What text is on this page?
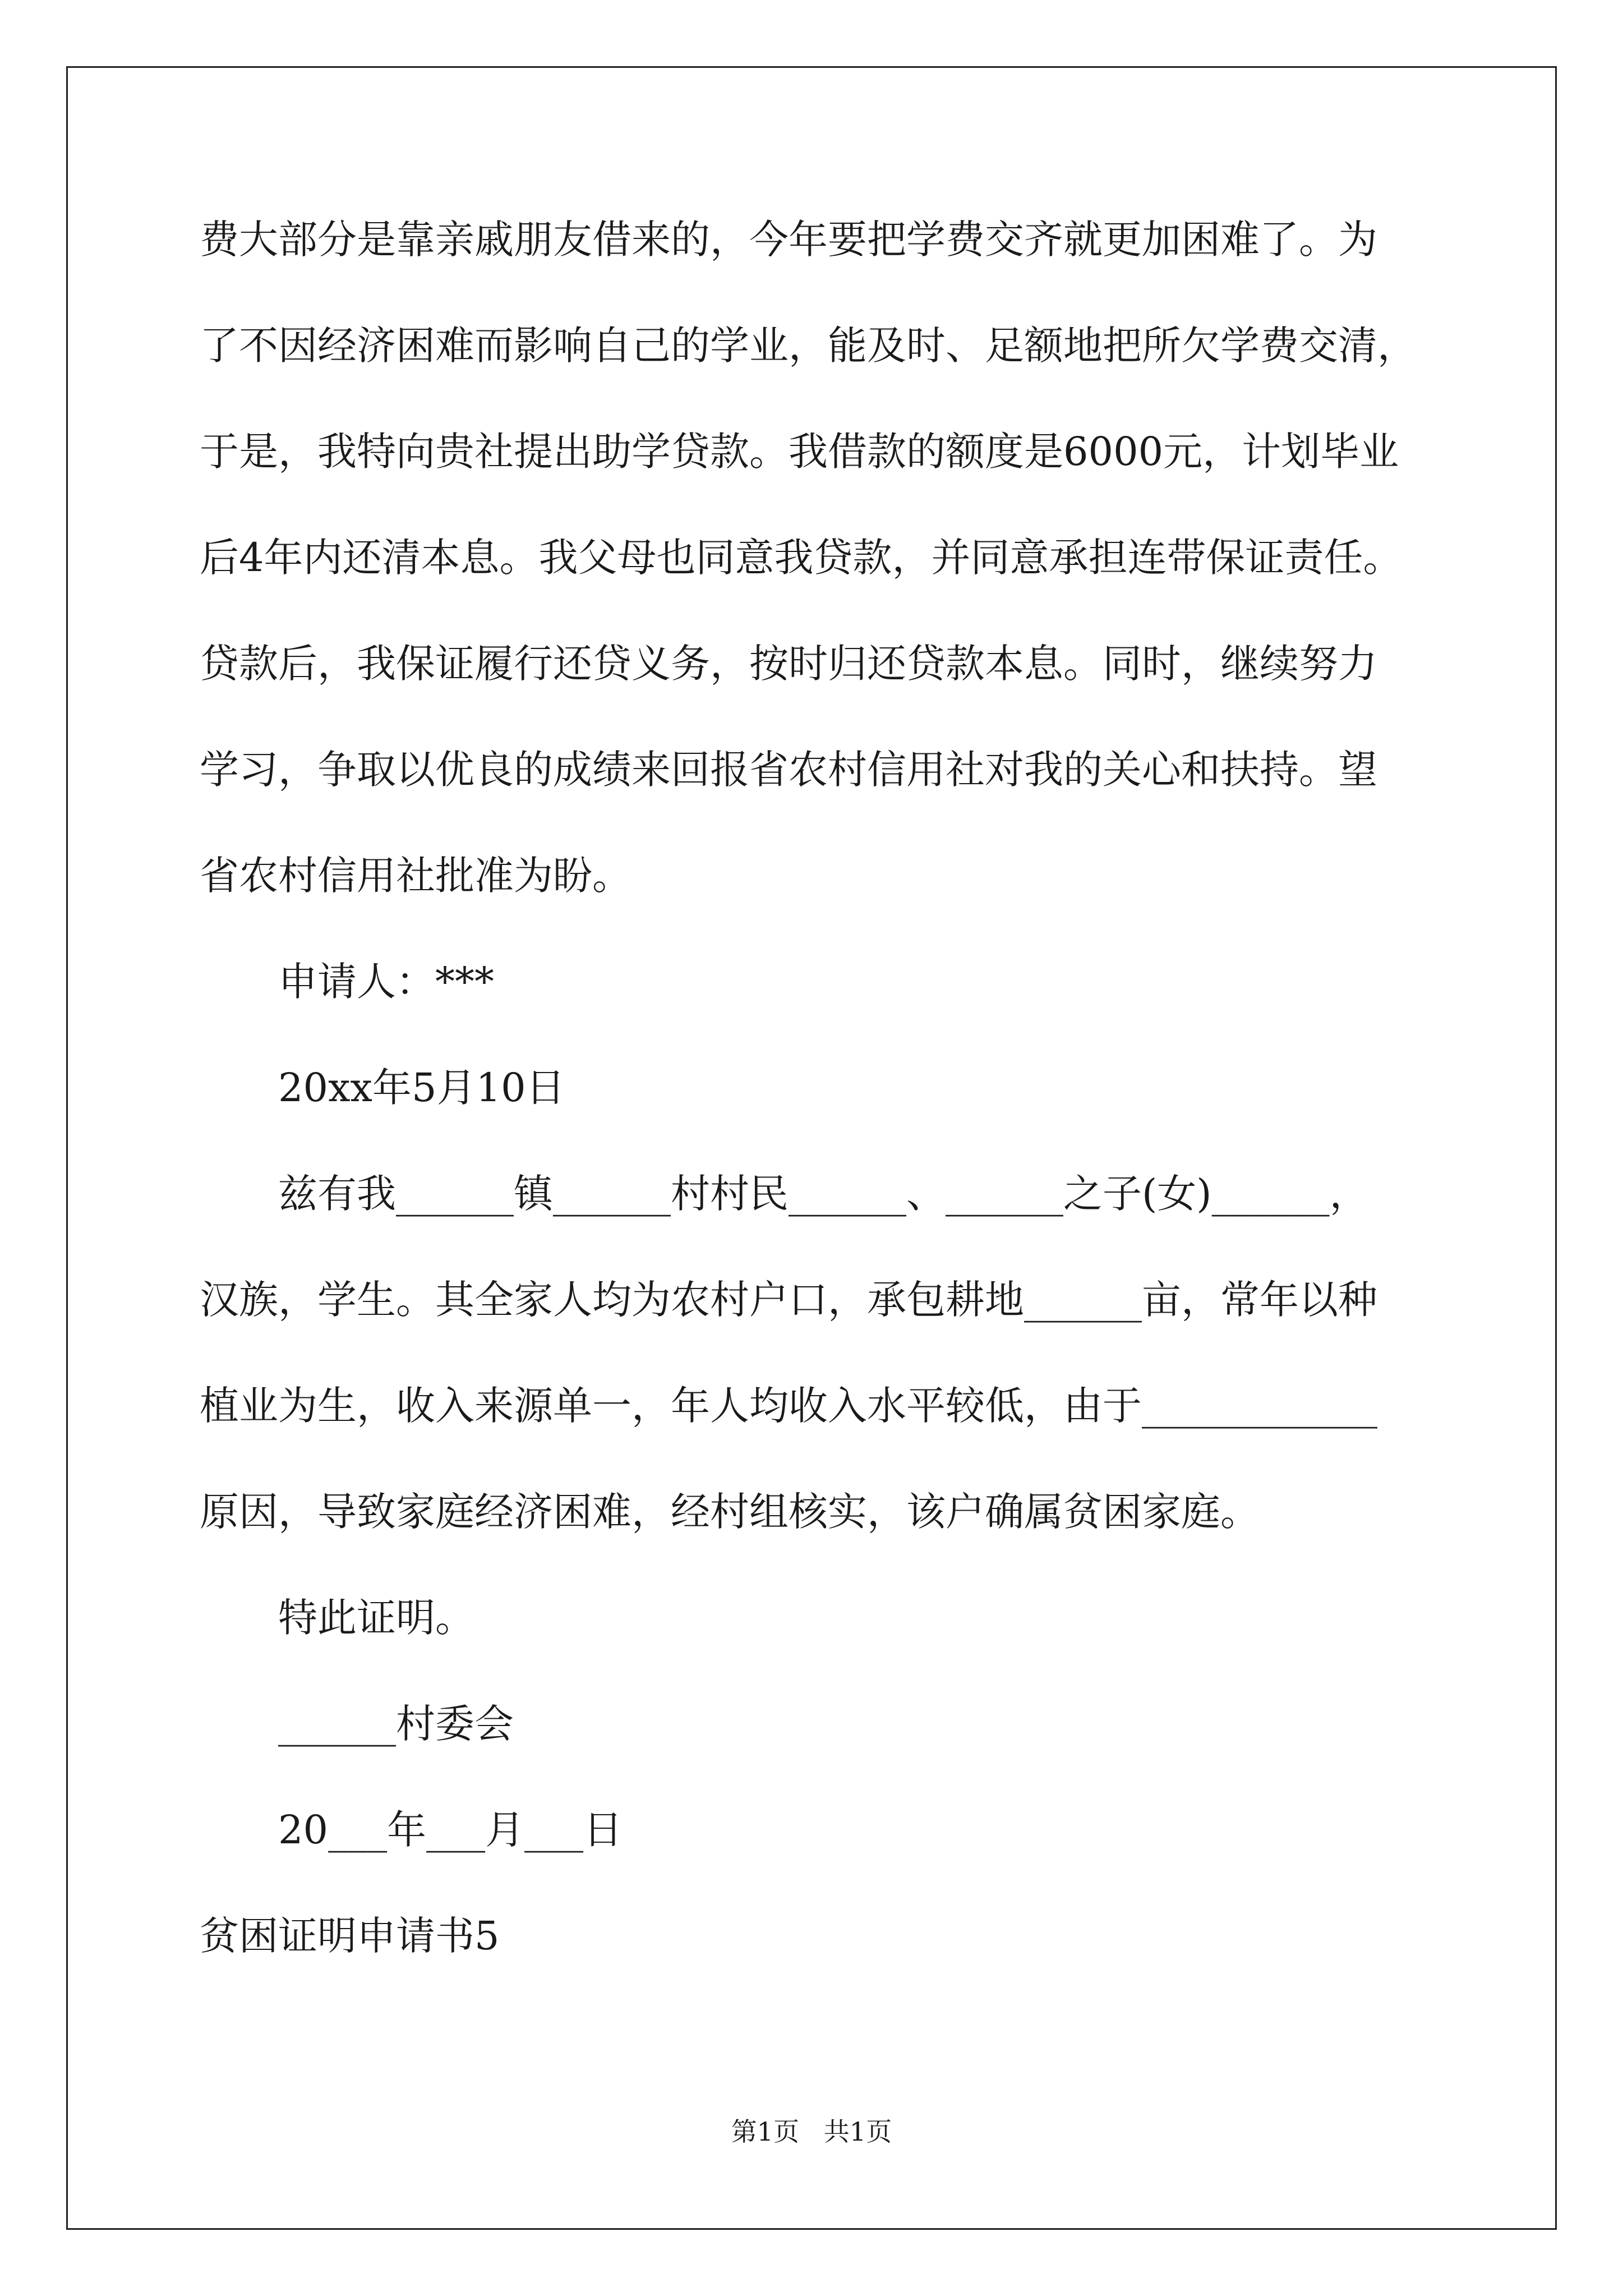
费大部分是靠亲戚朋友借来的，今年要把学费交齐就更加困难了。为
了不因经济困难而影响自己的学业，能及时、足额地把所欠学费交清，
于是，我特向贵社提出助学贷款。我借款的额度是6000元，计划毕业
后4年内还清本息。我父母也同意我贷款，并同意承担连带保证责任。
贷款后，我保证履行还贷义务，按时归还贷款本息。同时，继续努力
学习，争取以优良的成绩来回报省农村信用社对我的关心和扶持。望
省农村信用社批准为盼。
申请人：***
20xx年5月10日
兹有我______镇______村村民______、______之子(女)______，
汉族，学生。其全家人均为农村户口，承包耕地______亩，常年以种
植业为生，收入来源单一，年人均收入水平较低，由于____________
原因，导致家庭经济困难，经村组核实，该户确属贫困家庭。
特此证明。
______村委会
20___年___月___日
贫困证明申请书5
第1页   共1页
